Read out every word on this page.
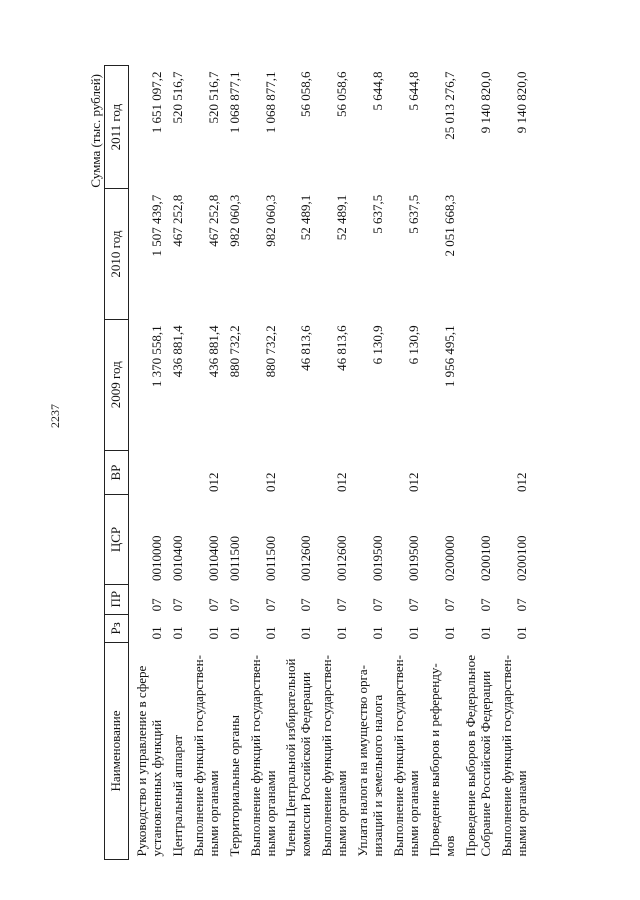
2237
Сумма (тыс. рублей)
Наименование	Рз	ПР	ЦСР	ВР	2009 год	2010 год	2011 год
Руководство и управление в сфере установленных функций	01	07	0010000		1 370 558,1	1 507 439,7	1 651 097,2
Центральный аппарат	01	07	0010400		436 881,4	467 252,8	520 516,7
Выполнение функций государствен-ными органами	01	07	0010400	012	436 881,4	467 252,8	520 516,7
Территориальные органы	01	07	0011500		880 732,2	982 060,3	1 068 877,1
Выполнение функций государствен-ными органами	01	07	0011500	012	880 732,2	982 060,3	1 068 877,1
Члены Центральной избирательной комиссии Российской Федерации	01	07	0012600		46 813,6	52 489,1	56 058,6
Выполнение функций государствен-ными органами	01	07	0012600	012	46 813,6	52 489,1	56 058,6
Уплата налога на имущество орга-низаций и земельного налога	01	07	0019500		6 130,9	5 637,5	5 644,8
Выполнение функций государствен-ными органами	01	07	0019500	012	6 130,9	5 637,5	5 644,8
Проведение выборов и референду-мов	01	07	0200000		1 956 495,1	2 051 668,3	25 013 276,7
Проведение выборов в Федеральное Собрание Российской Федерации	01	07	0200100				9 140 820,0
Выполнение функций государствен-ными органами	01	07	0200100	012			9 140 820,0
